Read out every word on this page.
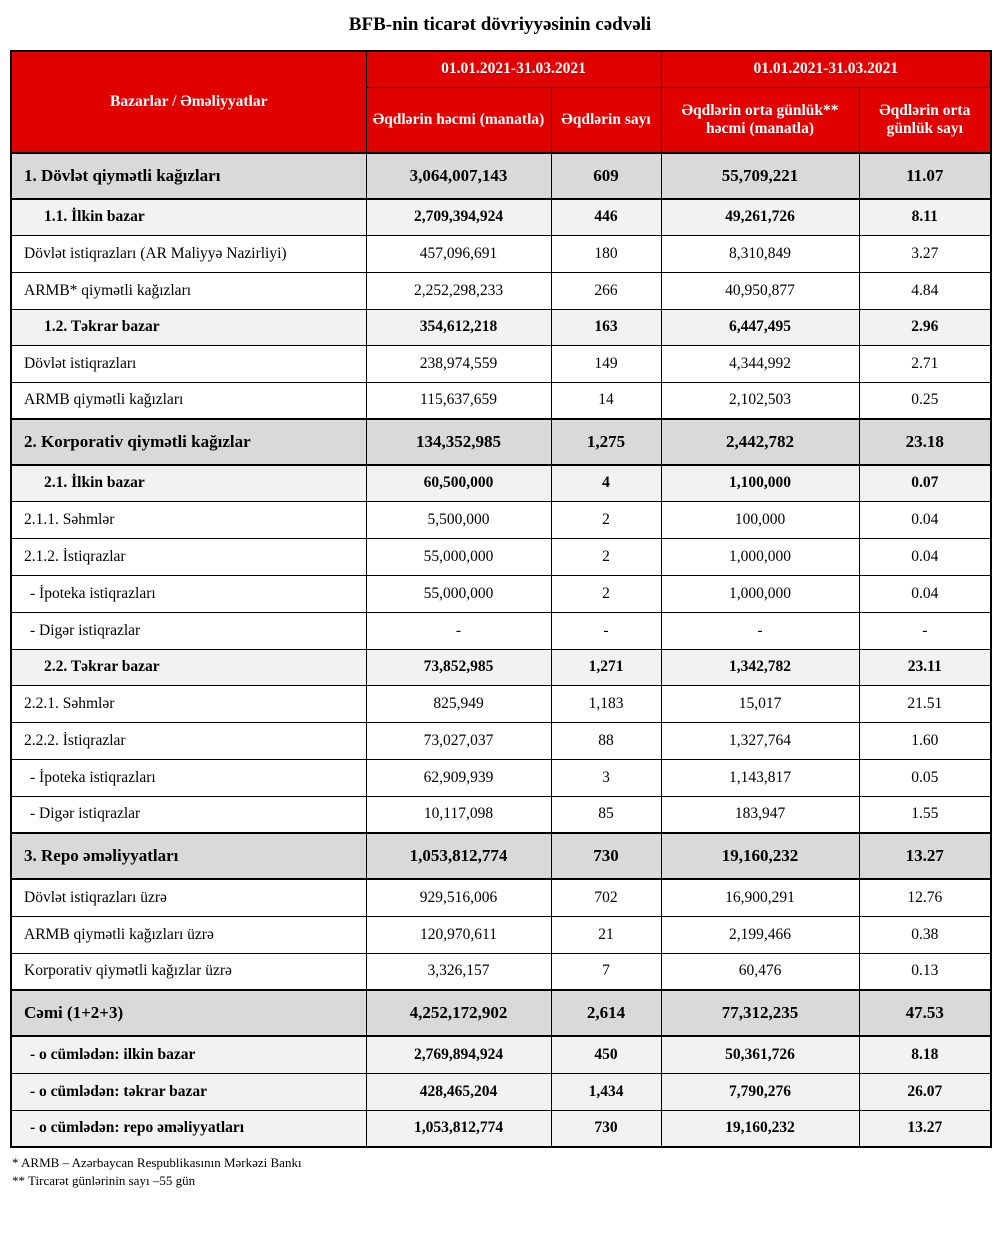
BFB-nin ticarət dövriyyəsinin cədvəli
Bazarlar / Əməliyyatlar	01.01.2021-31.03.2021		01.01.2021-31.03.2021	
	Əqdlərin həcmi (manatla)	Əqdlərin sayı	Əqdlərin orta günlük** həcmi (manatla)	Əqdlərin orta günlük sayı
1. Dövlət qiymətli kağızları	3,064,007,143	609	55,709,221	11.07
1.1. İlkin bazar	2,709,394,924	446	49,261,726	8.11
Dövlət istiqrazları (AR Maliyyə Nazirliyi)	457,096,691	180	8,310,849	3.27
ARMB* qiymətli kağızları	2,252,298,233	266	40,950,877	4.84
1.2. Təkrar bazar	354,612,218	163	6,447,495	2.96
Dövlət istiqrazları	238,974,559	149	4,344,992	2.71
ARMB qiymətli kağızları	115,637,659	14	2,102,503	0.25
2. Korporativ qiymətli kağızlar	134,352,985	1,275	2,442,782	23.18
2.1. İlkin bazar	60,500,000	4	1,100,000	0.07
2.1.1. Səhmlər	5,500,000	2	100,000	0.04
2.1.2. İstiqrazlar	55,000,000	2	1,000,000	0.04
- İpoteka istiqrazları	55,000,000	2	1,000,000	0.04
- Digər istiqrazlar	-	-	-	-
2.2. Təkrar bazar	73,852,985	1,271	1,342,782	23.11
2.2.1. Səhmlər	825,949	1,183	15,017	21.51
2.2.2. İstiqrazlar	73,027,037	88	1,327,764	1.60
- İpoteka istiqrazları	62,909,939	3	1,143,817	0.05
- Digər istiqrazlar	10,117,098	85	183,947	1.55
3. Repo əməliyyatları	1,053,812,774	730	19,160,232	13.27
Dövlət istiqrazları üzrə	929,516,006	702	16,900,291	12.76
ARMB qiymətli kağızları üzrə	120,970,611	21	2,199,466	0.38
Korporativ qiymətli kağızlar üzrə	3,326,157	7	60,476	0.13
Cəmi (1+2+3)	4,252,172,902	2,614	77,312,235	47.53
- o cümlədən: ilkin bazar	2,769,894,924	450	50,361,726	8.18
- o cümlədən: təkrar bazar	428,465,204	1,434	7,790,276	26.07
- o cümlədən: repo əməliyyatları	1,053,812,774	730	19,160,232	13.27
* ARMB – Azərbaycan Respublikasının Mərkəzi Bankı
** Tircarət günlərinin sayı –55 gün
